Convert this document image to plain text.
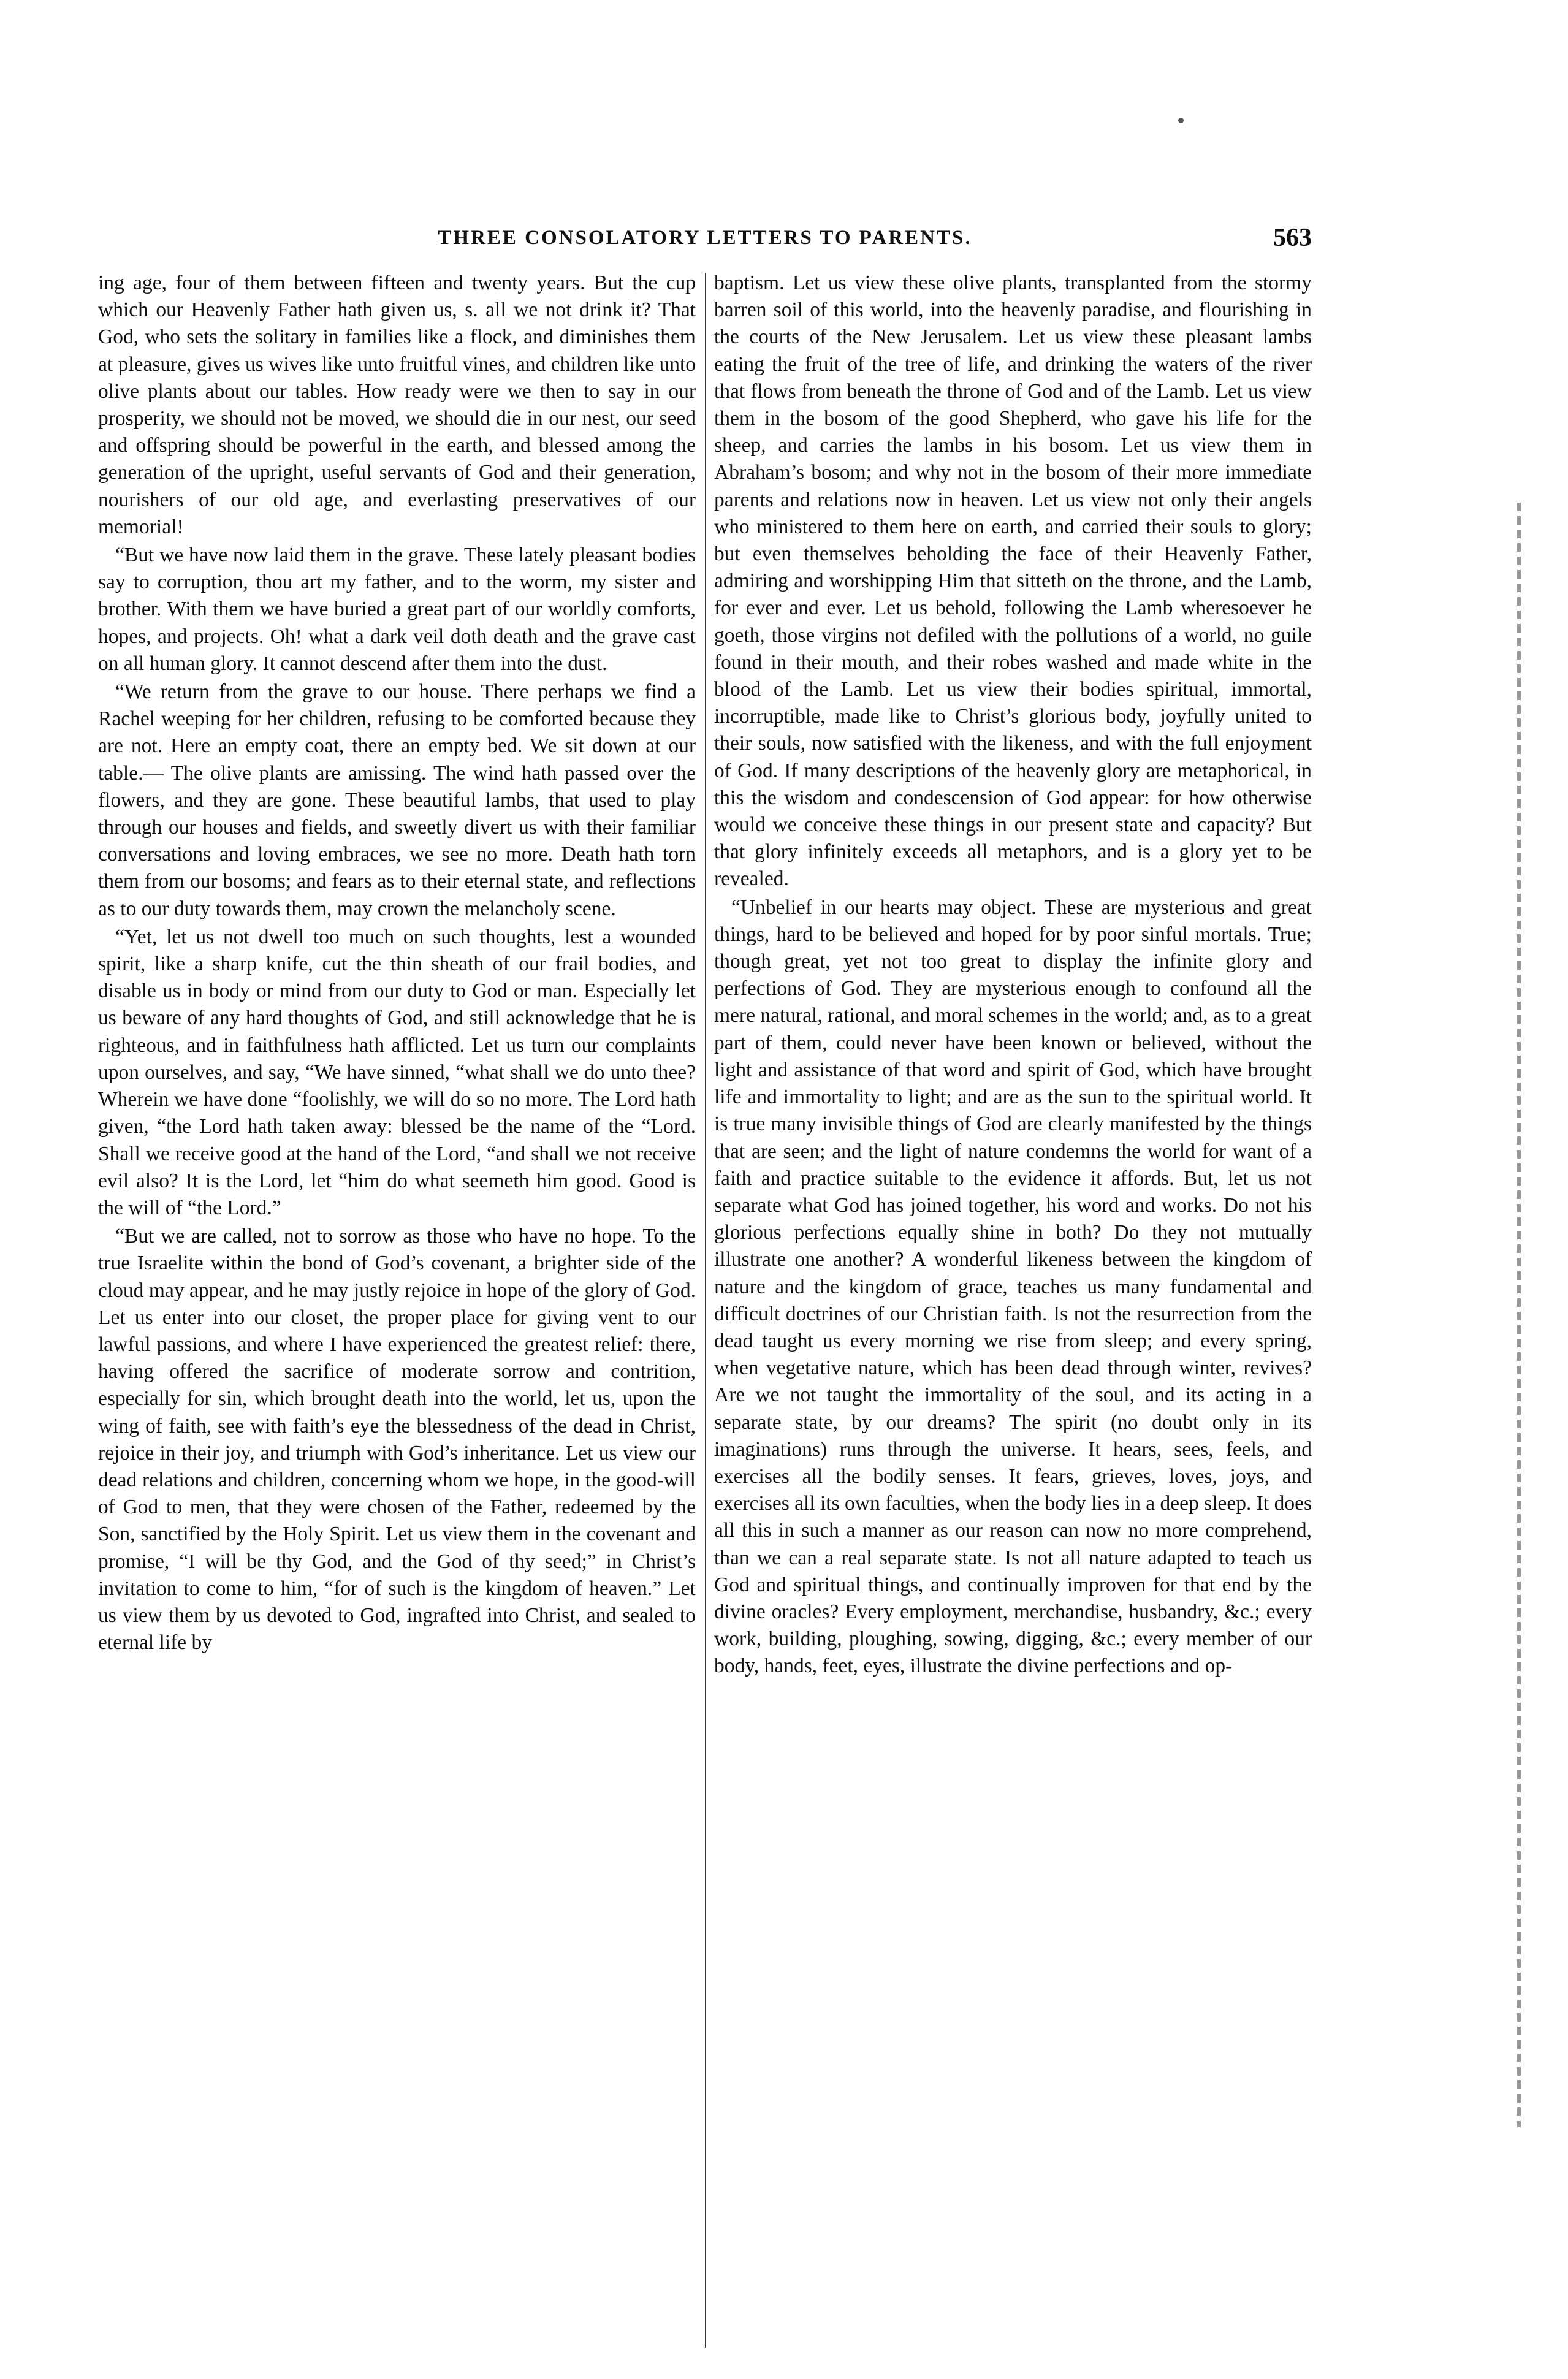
THREE CONSOLATORY LETTERS TO PARENTS.	563

ing age, four of them between fifteen and twenty years. But the cup which our Heavenly Father hath given us, s. all we not drink it? That God, who sets the solitary in families like a flock, and diminishes them at pleasure, gives us wives like unto fruitful vines, and children like unto olive plants about our tables. How ready were we then to say in our prosperity, we should not be moved, we should die in our nest, our seed and offspring should be powerful in the earth, and blessed among the generation of the upright, useful servants of God and their generation, nourishers of our old age, and everlasting preservatives of our memorial!

“But we have now laid them in the grave. These lately pleasant bodies say to corruption, thou art my father, and to the worm, my sister and brother. With them we have buried a great part of our worldly comforts, hopes, and projects. Oh! what a dark veil doth death and the grave cast on all human glory. It cannot descend after them into the dust.

“We return from the grave to our house. There perhaps we find a Rachel weeping for her children, refusing to be comforted because they are not. Here an empty coat, there an empty bed. We sit down at our table.— The olive plants are amissing. The wind hath passed over the flowers, and they are gone. These beautiful lambs, that used to play through our houses and fields, and sweetly divert us with their familiar conversations and loving embraces, we see no more. Death hath torn them from our bosoms; and fears as to their eternal state, and reflections as to our duty towards them, may crown the melancholy scene.

“Yet, let us not dwell too much on such thoughts, lest a wounded spirit, like a sharp knife, cut the thin sheath of our frail bodies, and disable us in body or mind from our duty to God or man. Especially let us beware of any hard thoughts of God, and still acknowledge that he is righteous, and in faithfulness hath afflicted. Let us turn our complaints upon ourselves, and say, “We have sinned, “what shall we do unto thee? Wherein we have done “foolishly, we will do so no more. The Lord hath given, “the Lord hath taken away: blessed be the name of the “Lord. Shall we receive good at the hand of the Lord, “and shall we not receive evil also? It is the Lord, let “him do what seemeth him good. Good is the will of “the Lord.”

“But we are called, not to sorrow as those who have no hope. To the true Israelite within the bond of God’s covenant, a brighter side of the cloud may appear, and he may justly rejoice in hope of the glory of God. Let us enter into our closet, the proper place for giving vent to our lawful passions, and where I have experienced the greatest relief: there, having offered the sacrifice of moderate sorrow and contrition, especially for sin, which brought death into the world, let us, upon the wing of faith, see with faith’s eye the blessedness of the dead in Christ, rejoice in their joy, and triumph with God’s inheritance. Let us view our dead relations and children, concerning whom we hope, in the good-will of God to men, that they were chosen of the Father, redeemed by the Son, sanctified by the Holy Spirit. Let us view them in the covenant and promise, “I will be thy God, and the God of thy seed;” in Christ’s invitation to come to him, “for of such is the kingdom of heaven.” Let us view them by us devoted to God, ingrafted into Christ, and sealed to eternal life by

baptism. Let us view these olive plants, transplanted from the stormy barren soil of this world, into the heavenly paradise, and flourishing in the courts of the New Jerusalem. Let us view these pleasant lambs eating the fruit of the tree of life, and drinking the waters of the river that flows from beneath the throne of God and of the Lamb. Let us view them in the bosom of the good Shepherd, who gave his life for the sheep, and carries the lambs in his bosom. Let us view them in Abraham’s bosom; and why not in the bosom of their more immediate parents and relations now in heaven. Let us view not only their angels who ministered to them here on earth, and carried their souls to glory; but even themselves beholding the face of their Heavenly Father, admiring and worshipping Him that sitteth on the throne, and the Lamb, for ever and ever. Let us behold, following the Lamb wheresoever he goeth, those virgins not defiled with the pollutions of a world, no guile found in their mouth, and their robes washed and made white in the blood of the Lamb. Let us view their bodies spiritual, immortal, incorruptible, made like to Christ’s glorious body, joyfully united to their souls, now satisfied with the likeness, and with the full enjoyment of God. If many descriptions of the heavenly glory are metaphorical, in this the wisdom and condescension of God appear: for how otherwise would we conceive these things in our present state and capacity? But that glory infinitely exceeds all metaphors, and is a glory yet to be revealed.

“Unbelief in our hearts may object. These are mysterious and great things, hard to be believed and hoped for by poor sinful mortals. True; though great, yet not too great to display the infinite glory and perfections of God. They are mysterious enough to confound all the mere natural, rational, and moral schemes in the world; and, as to a great part of them, could never have been known or believed, without the light and assistance of that word and spirit of God, which have brought life and immortality to light; and are as the sun to the spiritual world. It is true many invisible things of God are clearly manifested by the things that are seen; and the light of nature condemns the world for want of a faith and practice suitable to the evidence it affords. But, let us not separate what God has joined together, his word and works. Do not his glorious perfections equally shine in both? Do they not mutually illustrate one another? A wonderful likeness between the kingdom of nature and the kingdom of grace, teaches us many fundamental and difficult doctrines of our Christian faith. Is not the resurrection from the dead taught us every morning we rise from sleep; and every spring, when vegetative nature, which has been dead through winter, revives? Are we not taught the immortality of the soul, and its acting in a separate state, by our dreams? The spirit (no doubt only in its imaginations) runs through the universe. It hears, sees, feels, and exercises all the bodily senses. It fears, grieves, loves, joys, and exercises all its own faculties, when the body lies in a deep sleep. It does all this in such a manner as our reason can now no more comprehend, than we can a real separate state. Is not all nature adapted to teach us God and spiritual things, and continually improven for that end by the divine oracles? Every employment, merchandise, husbandry, &c.; every work, building, ploughing, sowing, digging, &c.; every member of our body, hands, feet, eyes, illustrate the divine perfections and op-
